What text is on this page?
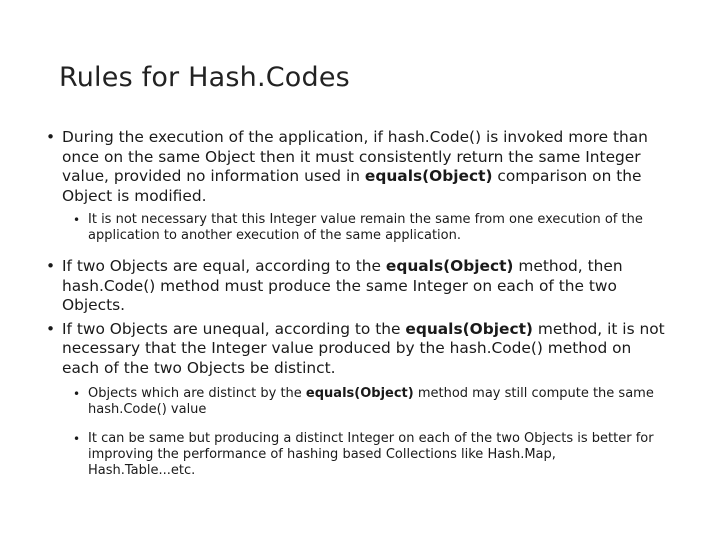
Rules for Hash.Codes

• During the execution of the application, if hash.Code() is invoked more than once on the same Object then it must consistently return the same Integer value, provided no information used in equals(Object) comparison on the Object is modified.

• It is not necessary that this Integer value remain the same from one execution of the application to another execution of the same application.

• If two Objects are equal, according to the equals(Object) method, then hash.Code() method must produce the same Integer on each of the two Objects.

• If two Objects are unequal, according to the equals(Object) method, it is not necessary that the Integer value produced by the hash.Code() method on each of the two Objects be distinct.

• Objects which are distinct by the equals(Object) method may still compute the same hash.Code() value

• It can be same but producing a distinct Integer on each of the two Objects is better for improving the performance of hashing based Collections like Hash.Map, Hash.Table...etc.
